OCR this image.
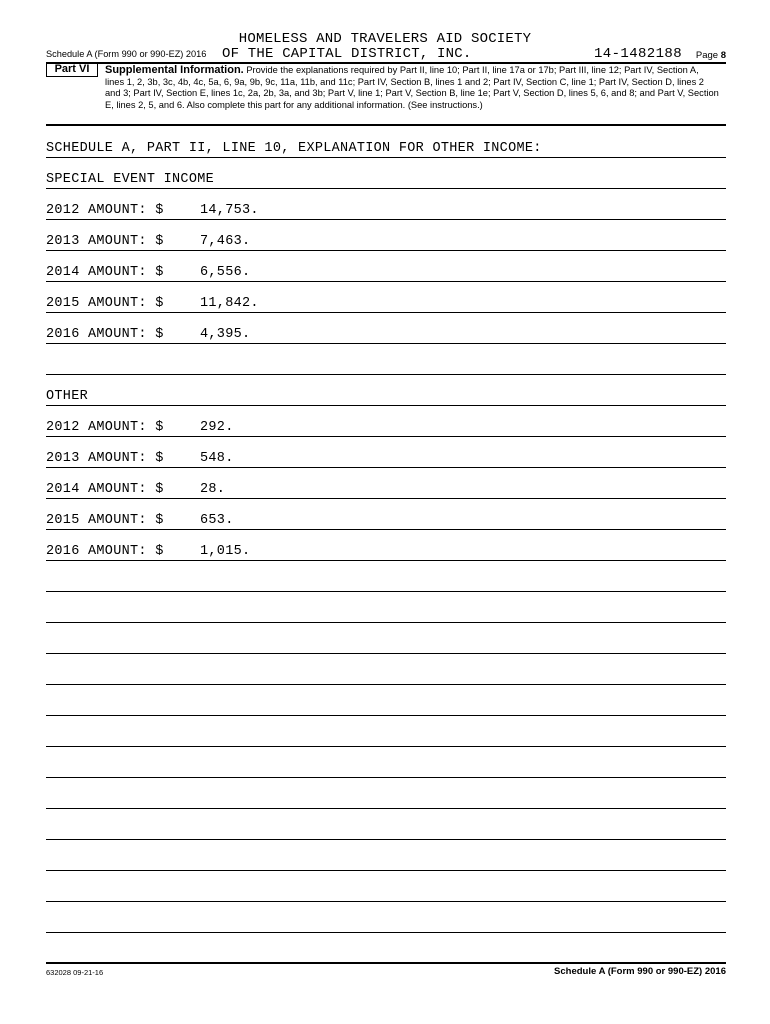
HOMELESS AND TRAVELERS AID SOCIETY
Schedule A (Form 990 or 990-EZ) 2016 OF THE CAPITAL DISTRICT, INC.	14-1482188 Page 8
Part VI	Supplemental Information. Provide the explanations required by Part II, line 10; Part II, line 17a or 17b; Part III, line 12; Part IV, Section A, lines 1, 2, 3b, 3c, 4b, 4c, 5a, 6, 9a, 9b, 9c, 11a, 11b, and 11c; Part IV, Section B, lines 1 and 2; Part IV, Section C, line 1; Part IV, Section D, lines 2 and 3; Part IV, Section E, lines 1c, 2a, 2b, 3a, and 3b; Part V, line 1; Part V, Section B, line 1e; Part V, Section D, lines 5, 6, and 8; and Part V, Section E, lines 2, 5, and 6. Also complete this part for any additional information. (See instructions.)
SCHEDULE A, PART II, LINE 10, EXPLANATION FOR OTHER INCOME:
SPECIAL EVENT INCOME
2012 AMOUNT: $	14,753.
2013 AMOUNT: $	7,463.
2014 AMOUNT: $	6,556.
2015 AMOUNT: $	11,842.
2016 AMOUNT: $	4,395.
OTHER
2012 AMOUNT: $	292.
2013 AMOUNT: $	548.
2014 AMOUNT: $	28.
2015 AMOUNT: $	653.
2016 AMOUNT: $	1,015.
632028 09-21-16	Schedule A (Form 990 or 990-EZ) 2016
